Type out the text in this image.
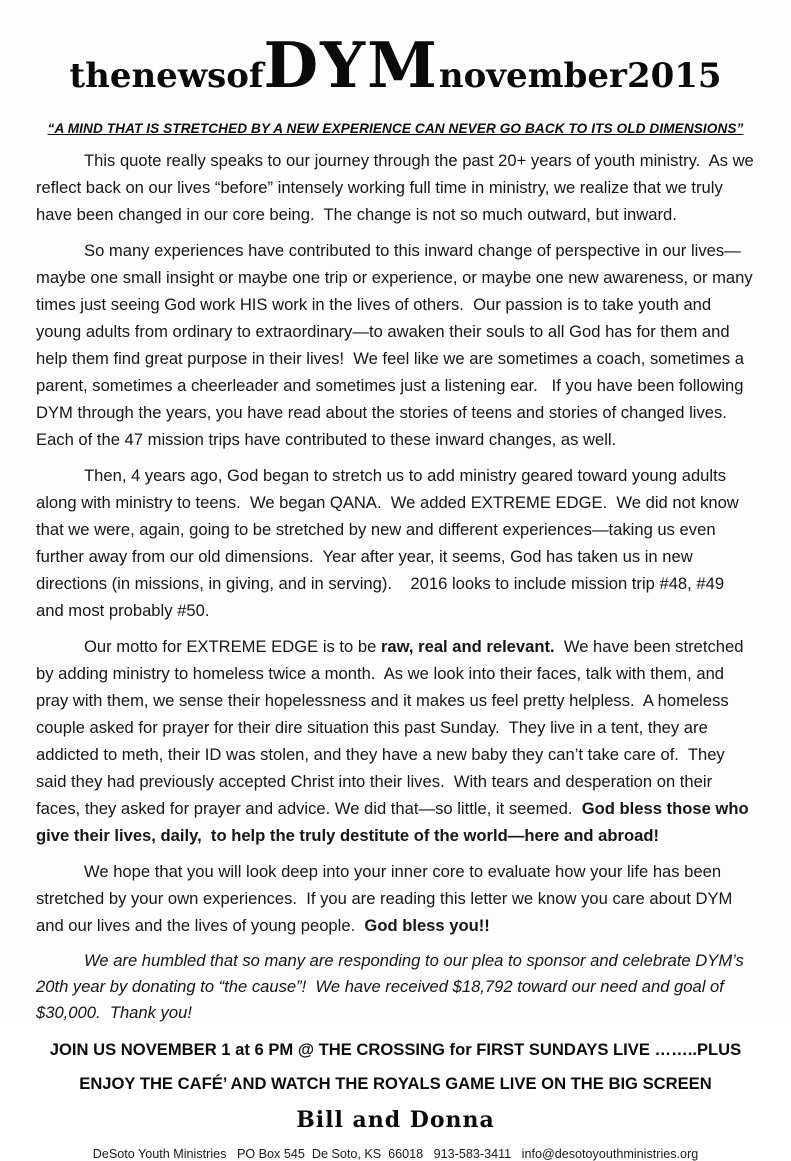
thenewsof DYM november2015
“A MIND THAT IS STRETCHED BY A NEW EXPERIENCE CAN NEVER GO BACK TO ITS OLD DIMENSIONS”

This quote really speaks to our journey through the past 20+ years of youth ministry.  As we reflect back on our lives “before” intensely working full time in ministry, we realize that we truly have been changed in our core being.  The change is not so much outward, but inward.

So many experiences have contributed to this inward change of perspective in our lives—maybe one small insight or maybe one trip or experience, or maybe one new awareness, or many times just seeing God work HIS work in the lives of others.  Our passion is to take youth and young adults from ordinary to extraordinary—to awaken their souls to all God has for them and help them find great purpose in their lives!  We feel like we are sometimes a coach, sometimes a parent, sometimes a cheerleader and sometimes just a listening ear.   If you have been following DYM through the years, you have read about the stories of teens and stories of changed lives.  Each of the 47 mission trips have contributed to these inward changes, as well.

Then, 4 years ago, God began to stretch us to add ministry geared toward young adults along with ministry to teens.  We began QANA.  We added EXTREME EDGE.  We did not know that we were, again, going to be stretched by new and different experiences—taking us even further away from our old dimensions.  Year after year, it seems, God has taken us in new directions (in missions, in giving, and in serving).    2016 looks to include mission trip #48, #49 and most probably #50.

Our motto for EXTREME EDGE is to be raw, real and relevant.  We have been stretched by adding ministry to homeless twice a month.  As we look into their faces, talk with them, and pray with them, we sense their hopelessness and it makes us feel pretty helpless.  A homeless couple asked for prayer for their dire situation this past Sunday.  They live in a tent, they are addicted to meth, their ID was stolen, and they have a new baby they can’t take care of.  They said they had previously accepted Christ into their lives.  With tears and desperation on their faces, they asked for prayer and advice. We did that—so little, it seemed.  God bless those who give their lives, daily,  to help the truly destitute of the world—here and abroad!

We hope that you will look deep into your inner core to evaluate how your life has been stretched by your own experiences.  If you are reading this letter we know you care about DYM and our lives and the lives of young people.  God bless you!!

We are humbled that so many are responding to our plea to sponsor and celebrate DYM’s 20th year by donating to “the cause”!  We have received $18,792 toward our need and goal of $30,000.  Thank you!

JOIN US NOVEMBER 1 at 6 PM @ THE CROSSING for FIRST SUNDAYS LIVE ……..PLUS
ENJOY THE CAFÉ’ AND WATCH THE ROYALS GAME LIVE ON THE BIG SCREEN
Bill and Donna
DeSoto Youth Ministries   PO Box 545  De Soto, KS  66018   913-583-3411   info@desotoyouthministries.org
